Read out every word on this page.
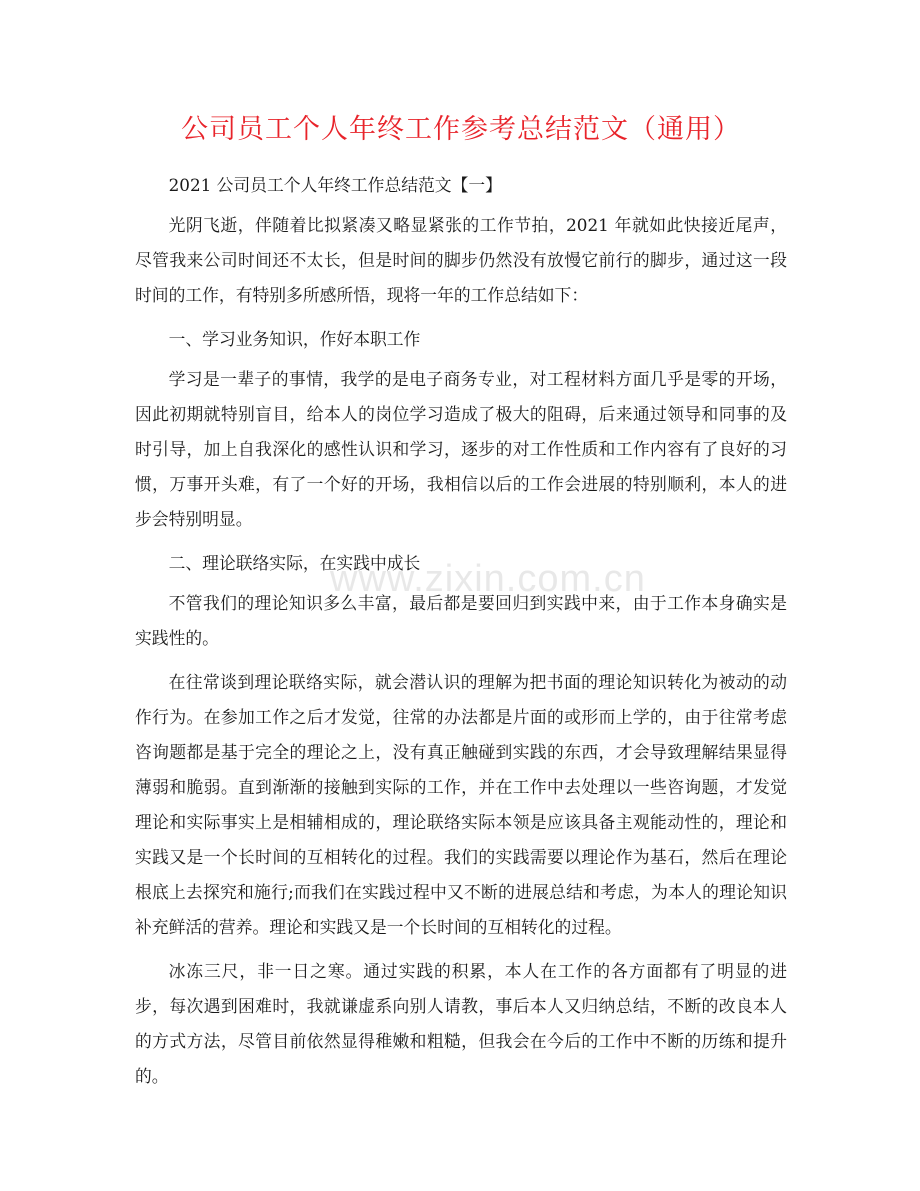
公司员工个人年终工作参考总结范文（通用）

2021 公司员工个人年终工作总结范文【一】

光阴飞逝，伴随着比拟紧凑又略显紧张的工作节拍，2021 年就如此快接近尾声，尽管我来公司时间还不太长，但是时间的脚步仍然没有放慢它前行的脚步，通过这一段时间的工作，有特别多所感所悟，现将一年的工作总结如下：

一、学习业务知识，作好本职工作

学习是一辈子的事情，我学的是电子商务专业，对工程材料方面几乎是零的开场，因此初期就特别盲目，给本人的岗位学习造成了极大的阻碍，后来通过领导和同事的及时引导，加上自我深化的感性认识和学习，逐步的对工作性质和工作内容有了良好的习惯，万事开头难，有了一个好的开场，我相信以后的工作会进展的特别顺利，本人的进步会特别明显。

二、理论联络实际，在实践中成长

不管我们的理论知识多么丰富，最后都是要回归到实践中来，由于工作本身确实是实践性的。

在往常谈到理论联络实际，就会潜认识的理解为把书面的理论知识转化为被动的动作行为。在参加工作之后才发觉，往常的办法都是片面的或形而上学的，由于往常考虑咨询题都是基于完全的理论之上，没有真正触碰到实践的东西，才会导致理解结果显得薄弱和脆弱。直到渐渐的接触到实际的工作，并在工作中去处理以一些咨询题，才发觉理论和实际事实上是相辅相成的，理论联络实际本领是应该具备主观能动性的，理论和实践又是一个长时间的互相转化的过程。我们的实践需要以理论作为基石，然后在理论根底上去探究和施行;而我们在实践过程中又不断的进展总结和考虑，为本人的理论知识补充鲜活的营养。理论和实践又是一个长时间的互相转化的过程。

冰冻三尺，非一日之寒。通过实践的积累，本人在工作的各方面都有了明显的进步，每次遇到困难时，我就谦虚系向别人请教，事后本人又归纳总结，不断的改良本人的方式方法，尽管目前依然显得稚嫩和粗糙，但我会在今后的工作中不断的历练和提升的。

www.zixin.com.cn
